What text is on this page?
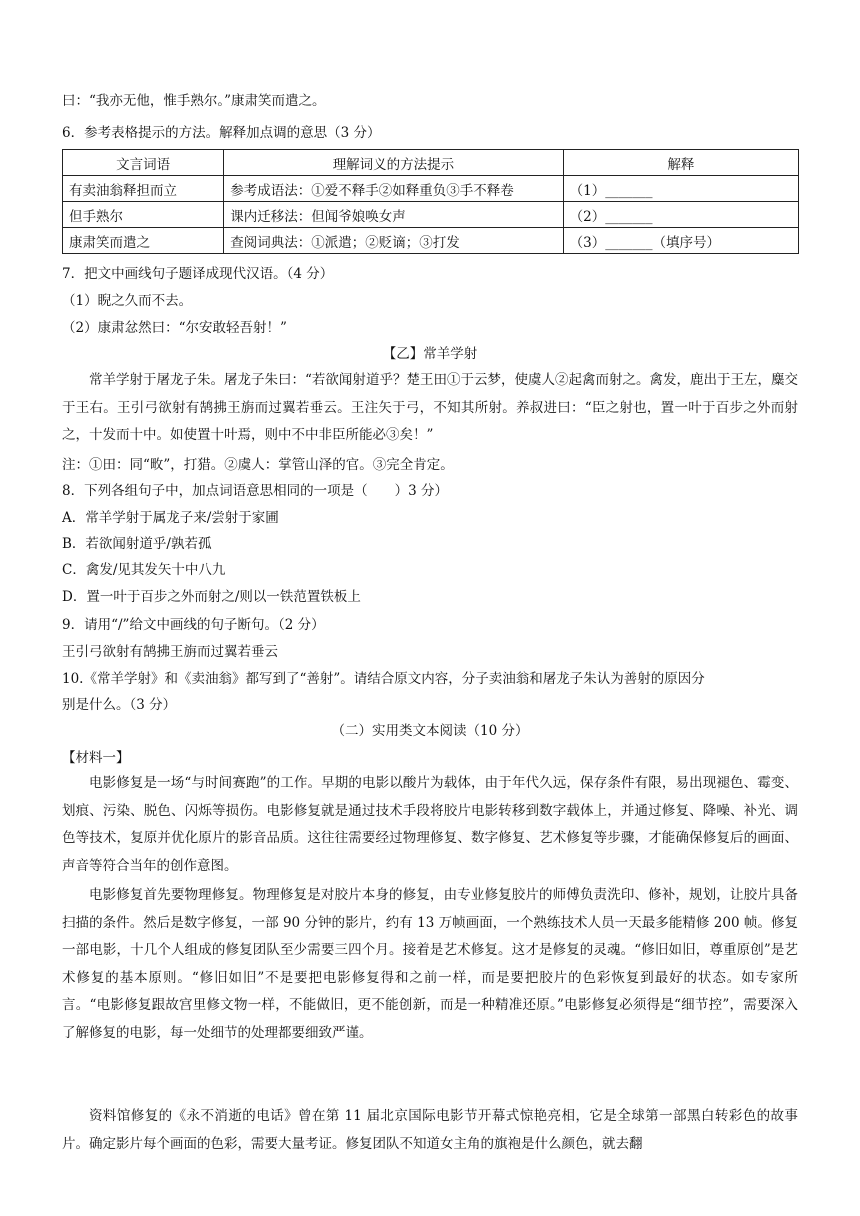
曰：“我亦无他，惟手熟尔。”康肃笑而遣之。
6．参考表格提示的方法。解释加点调的意思（3 分）
文言词语	理解词义的方法提示	解释
有卖油翁释担而立	参考成语法：①爱不释手②如释重负③手不释卷	（1）_______
但手熟尔	课内迁移法：但闻爷娘唤女声	（2）_______
康肃笑而遣之	查阅词典法：①派遣；②贬谪；③打发	（3）_______（填序号）
7．把文中画线句子题译成现代汉语。（4 分）
（1）睨之久而不去。
（2）康肃忿然曰：“尔安敢轻吾射！”
【乙】常羊学射
常羊学射于屠龙子朱。屠龙子朱曰：“若欲闻射道乎？楚王田①于云梦，使虞人②起禽而射之。禽发，鹿出于王左，麋交于王右。王引弓欲射有鹄拂王旃而过翼若垂云。王注矢于弓，不知其所射。养叔进曰：“臣之射也，置一叶于百步之外而射之，十发而十中。如使置十叶焉，则中不中非臣所能必③矣！”
注：①田：同“畋”，打猎。②虞人：掌管山泽的官。③完全肯定。
8．下列各组句子中，加点词语意思相同的一项是（　　）3 分）
A．常羊学射于属龙子来/尝射于家圃
B．若欲闻射道乎/孰若孤
C．禽发/见其发矢十中八九
D．置一叶于百步之外而射之/则以一铁范置铁板上
9．请用“/”给文中画线的句子断句。（2 分）
王引弓欲射有鹄拂王旃而过翼若垂云
10.《常羊学射》和《卖油翁》都写到了“善射”。请结合原文内容，分子卖油翁和屠龙子朱认为善射的原因分
别是什么。（3 分）
（二）实用类文本阅读（10 分）
【材料一】
电影修复是一场“与时间赛跑”的工作。早期的电影以酸片为载体，由于年代久远，保存条件有限，易出现褪色、霉变、划痕、污染、脱色、闪烁等损伤。电影修复就是通过技术手段将胶片电影转移到数字载体上，并通过修复、降噪、补光、调色等技术，复原并优化原片的影音品质。这往往需要经过物理修复、数字修复、艺术修复等步骤，才能确保修复后的画面、声音等符合当年的创作意图。
电影修复首先要物理修复。物理修复是对胶片本身的修复，由专业修复胶片的师傅负责洗印、修补，规划，让胶片具备扫描的条件。然后是数字修复，一部 90 分钟的影片，约有 13 万帧画面，一个熟练技术人员一天最多能精修 200 帧。修复一部电影，十几个人组成的修复团队至少需要三四个月。接着是艺术修复。这才是修复的灵魂。“修旧如旧，尊重原创”是艺术修复的基本原则。“修旧如旧”不是要把电影修复得和之前一样，而是要把胶片的色彩恢复到最好的状态。如专家所言。“电影修复跟故宫里修文物一样，不能做旧，更不能创新，而是一种精准还原。”电影修复必须得是“细节控”，需要深入了解修复的电影，每一处细节的处理都要细致严谨。
资料馆修复的《永不消逝的电话》曾在第 11 届北京国际电影节开幕式惊艳亮相，它是全球第一部黑白转彩色的故事片。确定影片每个画面的色彩，需要大量考证。修复团队不知道女主角的旗袍是什么颜色，就去翻
